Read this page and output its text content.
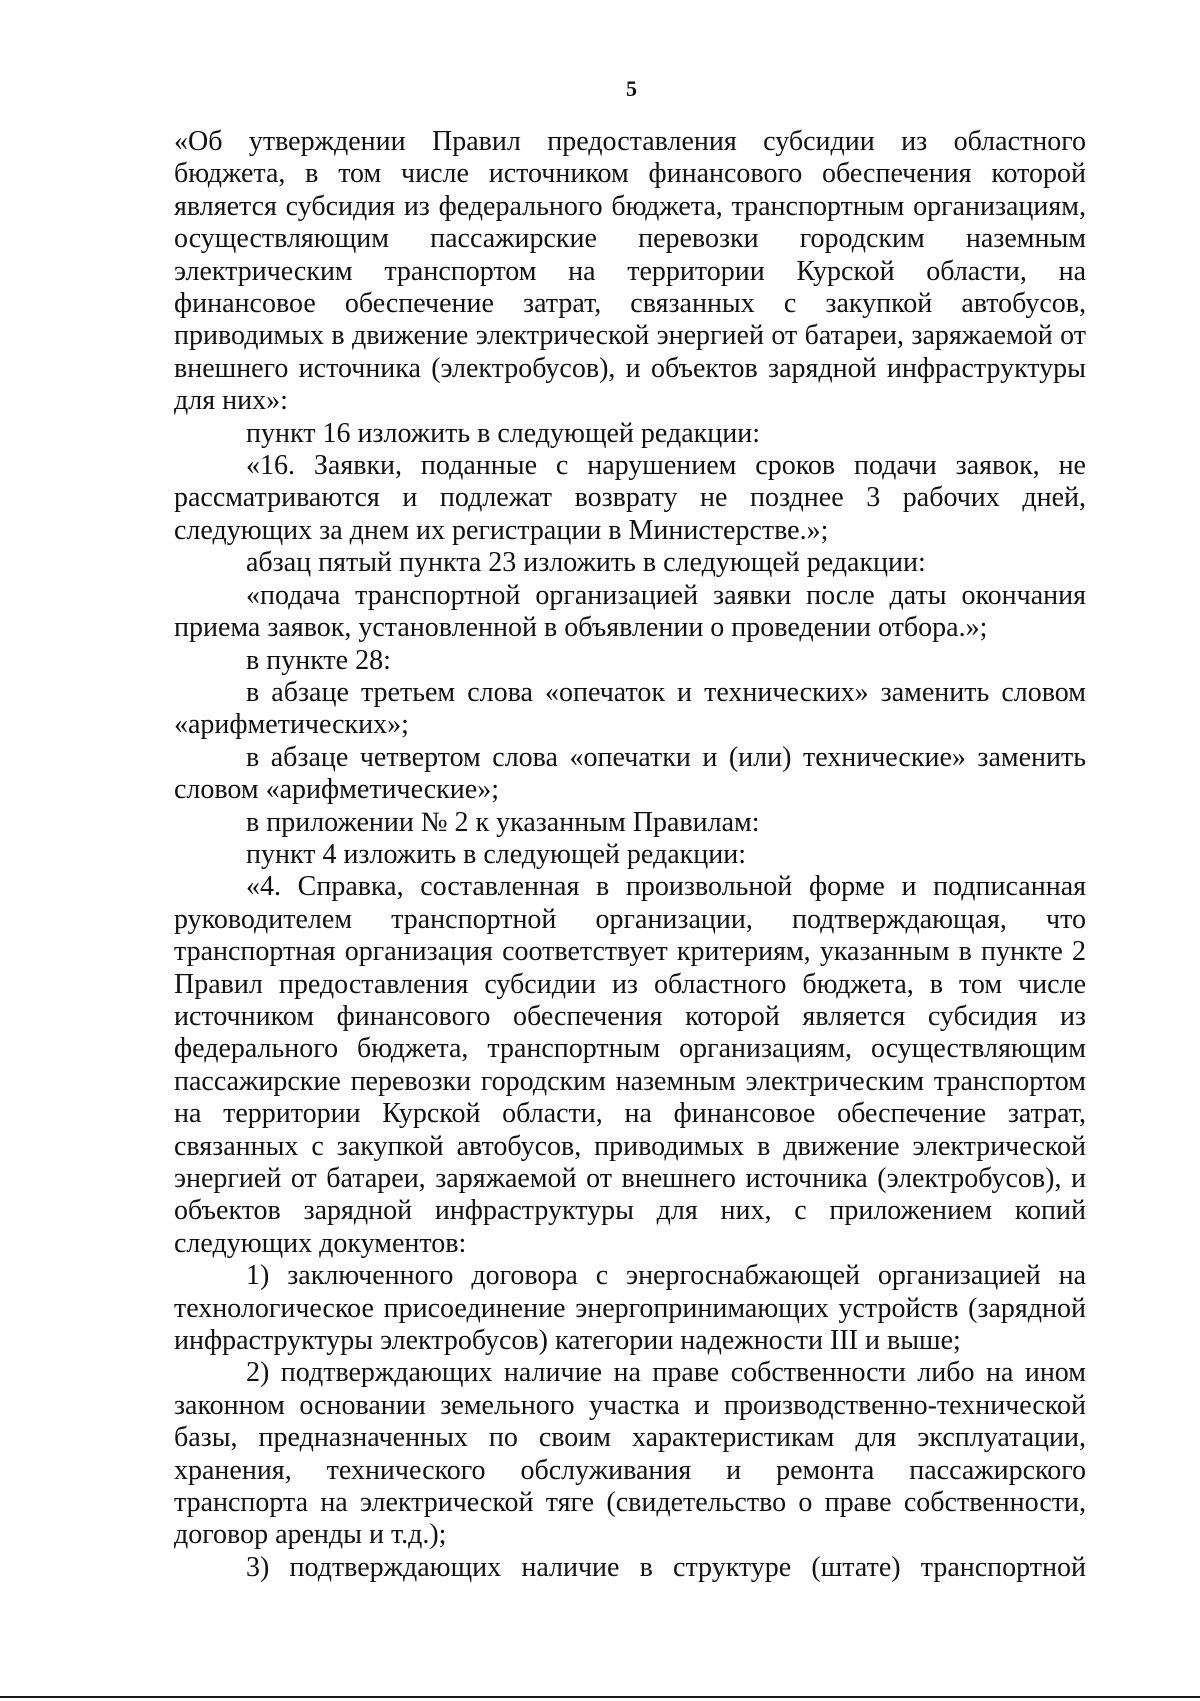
5

«Об утверждении Правил предоставления субсидии из областного бюджета, в том числе источником финансового обеспечения которой является субсидия из федерального бюджета, транспортным организациям, осуществляющим пассажирские перевозки городским наземным электрическим транспортом на территории Курской области, на финансовое обеспечение затрат, связанных с закупкой автобусов, приводимых в движение электрической энергией от батареи, заряжаемой от внешнего источника (электробусов), и объектов зарядной инфраструктуры для них»:

пункт 16 изложить в следующей редакции:

«16. Заявки, поданные с нарушением сроков подачи заявок, не рассматриваются и подлежат возврату не позднее 3 рабочих дней, следующих за днем их регистрации в Министерстве.»;

абзац пятый пункта 23 изложить в следующей редакции:

«подача транспортной организацией заявки после даты окончания приема заявок, установленной в объявлении о проведении отбора.»;

в пункте 28:

в абзаце третьем слова «опечаток и технических» заменить словом «арифметических»;

в абзаце четвертом слова «опечатки и (или) технические» заменить словом «арифметические»;

в приложении № 2 к указанным Правилам:

пункт 4 изложить в следующей редакции:

«4. Справка, составленная в произвольной форме и подписанная руководителем транспортной организации, подтверждающая, что транспортная организация соответствует критериям, указанным в пункте 2 Правил предоставления субсидии из областного бюджета, в том числе источником финансового обеспечения которой является субсидия из федерального бюджета, транспортным организациям, осуществляющим пассажирские перевозки городским наземным электрическим транспортом на территории Курской области, на финансовое обеспечение затрат, связанных с закупкой автобусов, приводимых в движение электрической энергией от батареи, заряжаемой от внешнего источника (электробусов), и объектов зарядной инфраструктуры для них, с приложением копий следующих документов:

1) заключенного договора с энергоснабжающей организацией на технологическое присоединение энергопринимающих устройств (зарядной инфраструктуры электробусов) категории надежности III и выше;

2) подтверждающих наличие на праве собственности либо на ином законном основании земельного участка и производственно-технической базы, предназначенных по своим характеристикам для эксплуатации, хранения, технического обслуживания и ремонта пассажирского транспорта на электрической тяге (свидетельство о праве собственности, договор аренды и т.д.);

3) подтверждающих наличие в структуре (штате) транспортной
